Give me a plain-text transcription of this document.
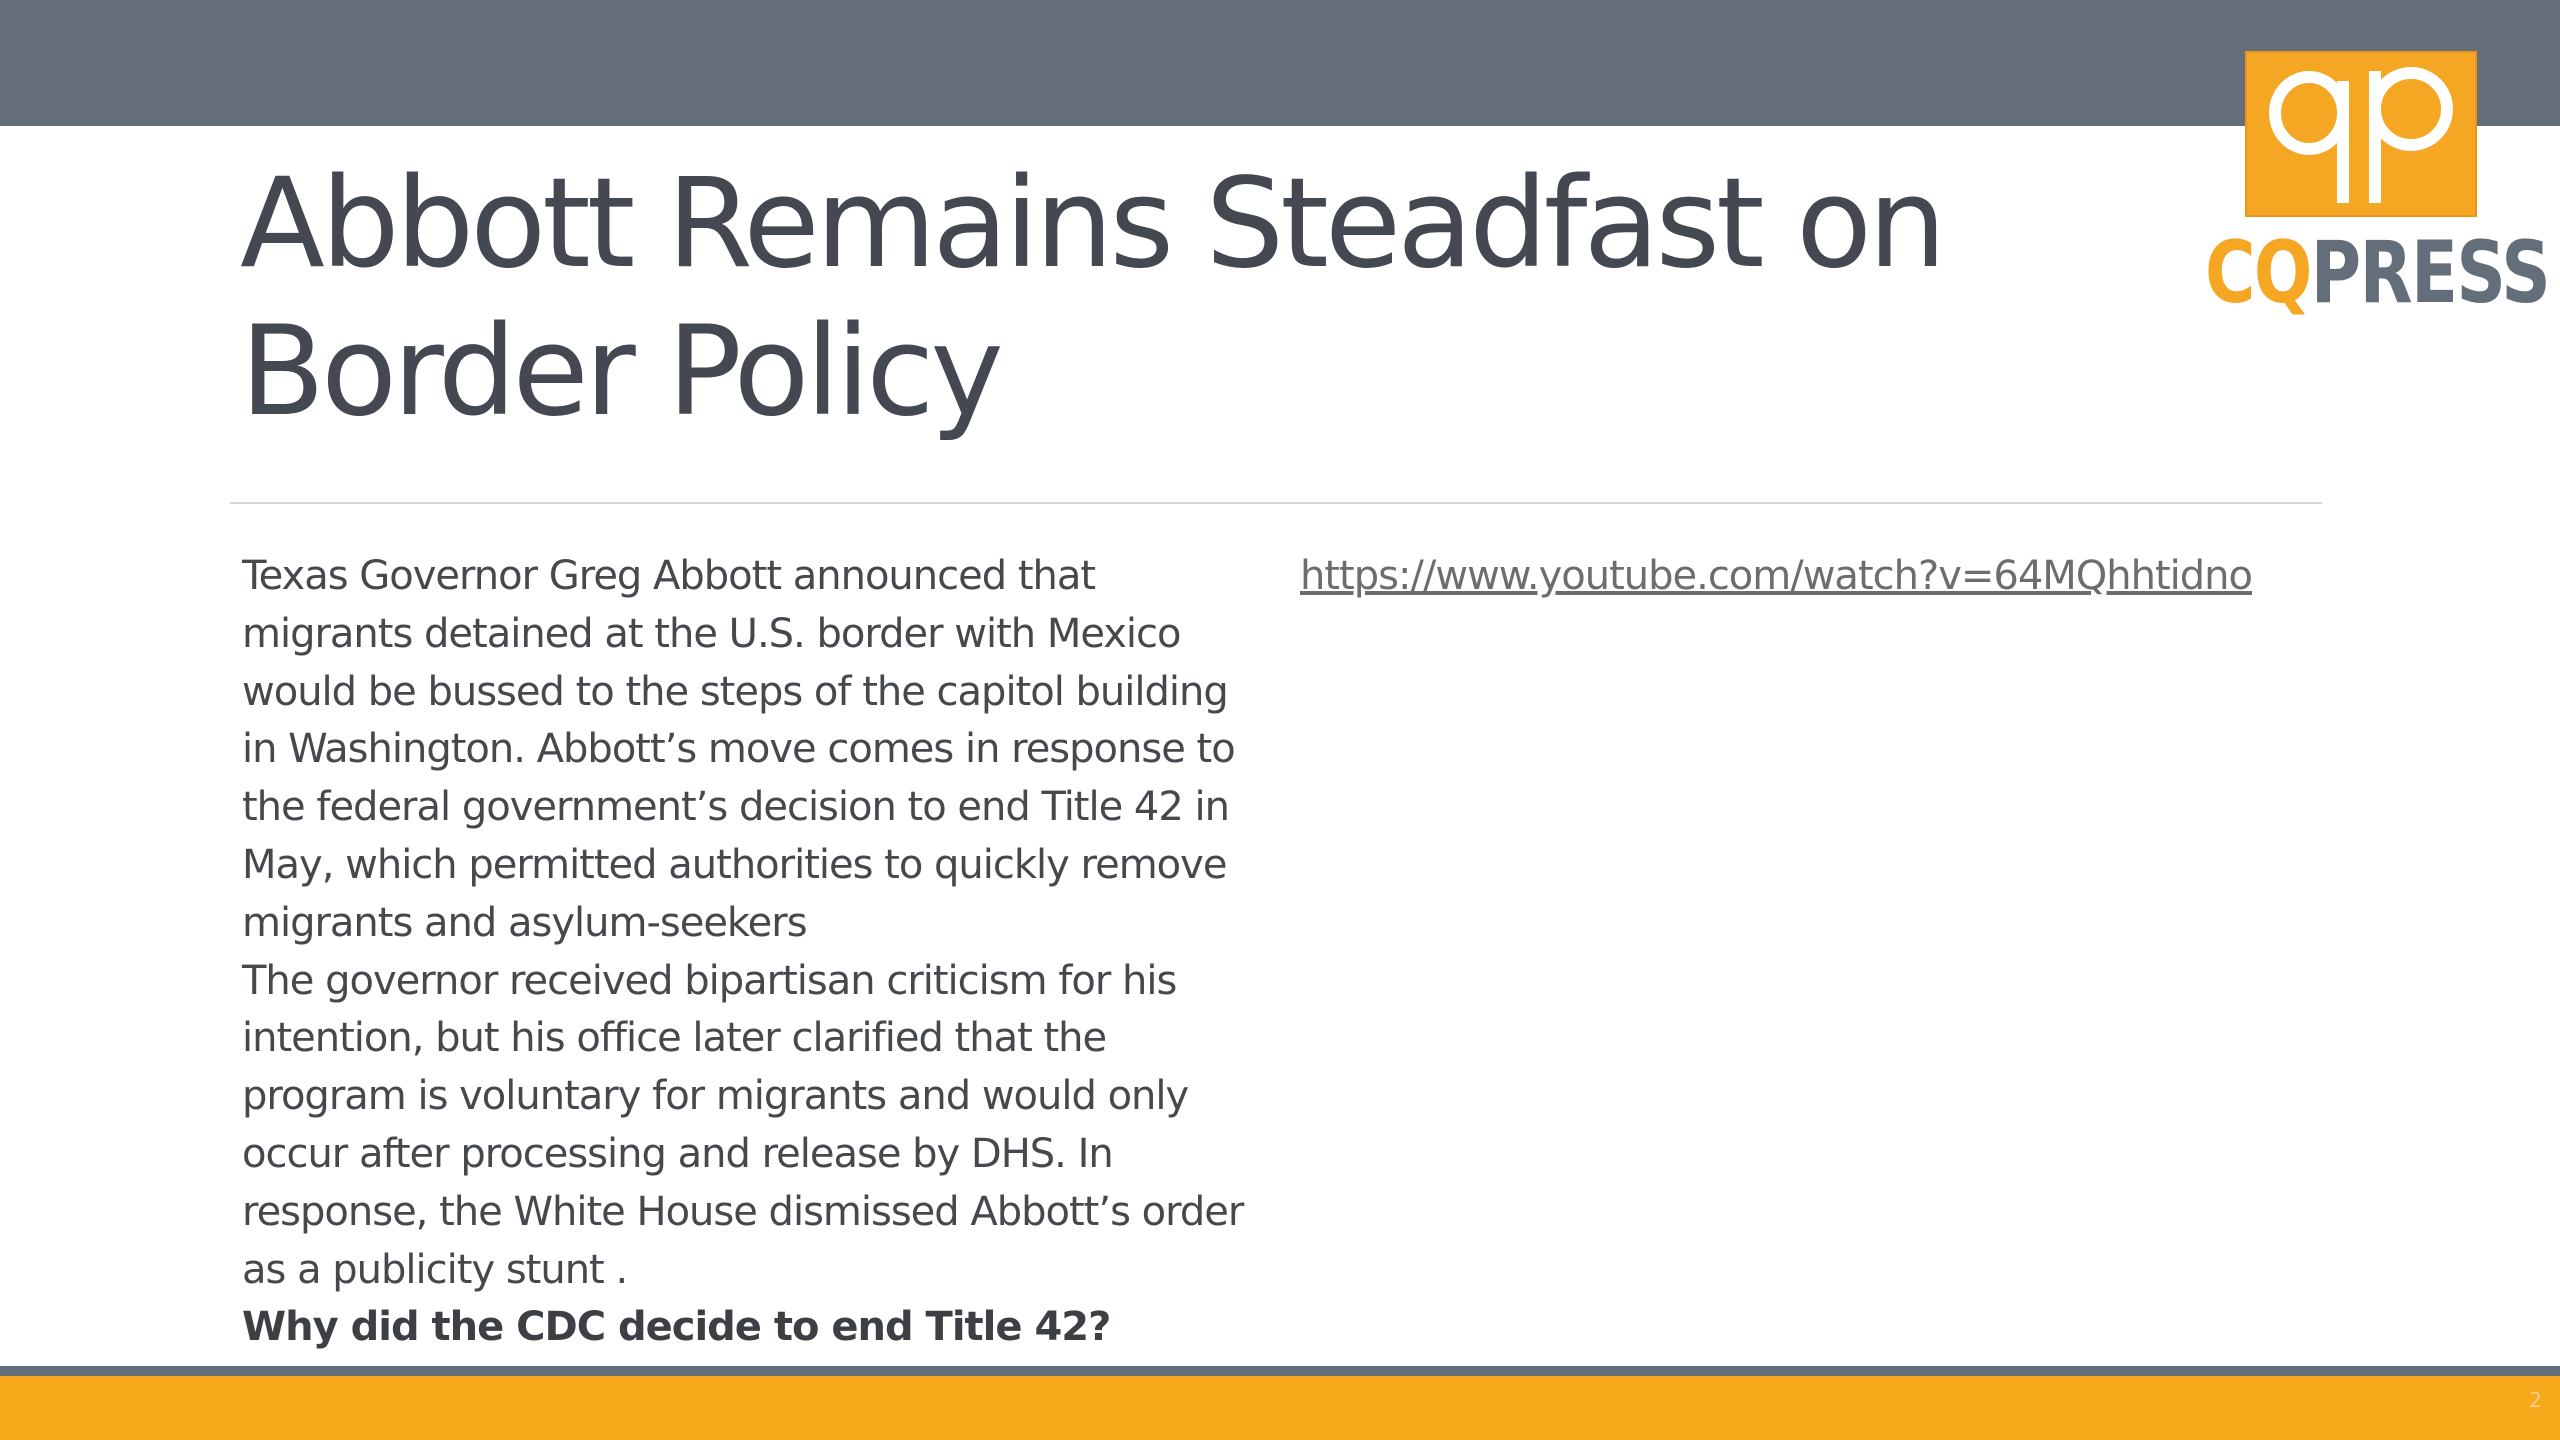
CQPRESS
Abbott Remains Steadfast on Border Policy

Texas Governor Greg Abbott announced that migrants detained at the U.S. border with Mexico would be bussed to the steps of the capitol building in Washington. Abbott’s move comes in response to the federal government’s decision to end Title 42 in May, which permitted authorities to quickly remove migrants and asylum-seekers

The governor received bipartisan criticism for his intention, but his office later clarified that the program is voluntary for migrants and would only occur after processing and release by DHS. In response, the White House dismissed Abbott’s order as a publicity stunt .

Why did the CDC decide to end Title 42?

https://www.youtube.com/watch?v=64MQhhtidno
2
